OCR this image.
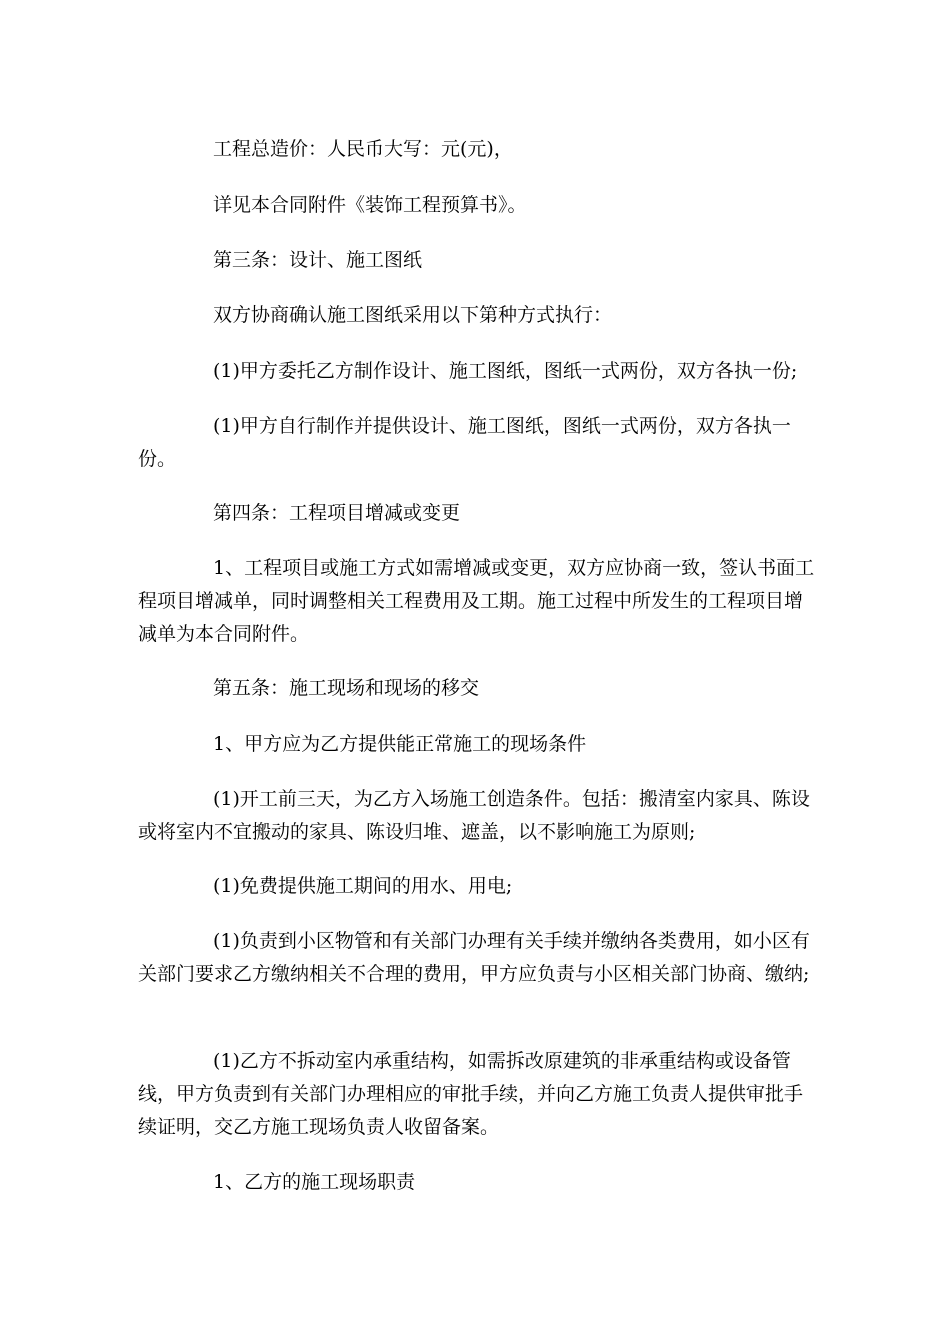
工程总造价：人民币大写：元(元)，

详见本合同附件《装饰工程预算书》。

第三条：设计、施工图纸

双方协商确认施工图纸采用以下第种方式执行：

(1)甲方委托乙方制作设计、施工图纸，图纸一式两份，双方各执一份;

(1)甲方自行制作并提供设计、施工图纸，图纸一式两份，双方各执一份。

第四条：工程项目增减或变更

1、工程项目或施工方式如需增减或变更，双方应协商一致，签认书面工程项目增减单，同时调整相关工程费用及工期。施工过程中所发生的工程项目增减单为本合同附件。

第五条：施工现场和现场的移交

1、甲方应为乙方提供能正常施工的现场条件

(1)开工前三天，为乙方入场施工创造条件。包括：搬清室内家具、陈设或将室内不宜搬动的家具、陈设归堆、遮盖，以不影响施工为原则;

(1)免费提供施工期间的用水、用电;

(1)负责到小区物管和有关部门办理有关手续并缴纳各类费用，如小区有关部门要求乙方缴纳相关不合理的费用，甲方应负责与小区相关部门协商、缴纳;

(1)乙方不拆动室内承重结构，如需拆改原建筑的非承重结构或设备管线，甲方负责到有关部门办理相应的审批手续，并向乙方施工负责人提供审批手续证明，交乙方施工现场负责人收留备案。

1、乙方的施工现场职责
